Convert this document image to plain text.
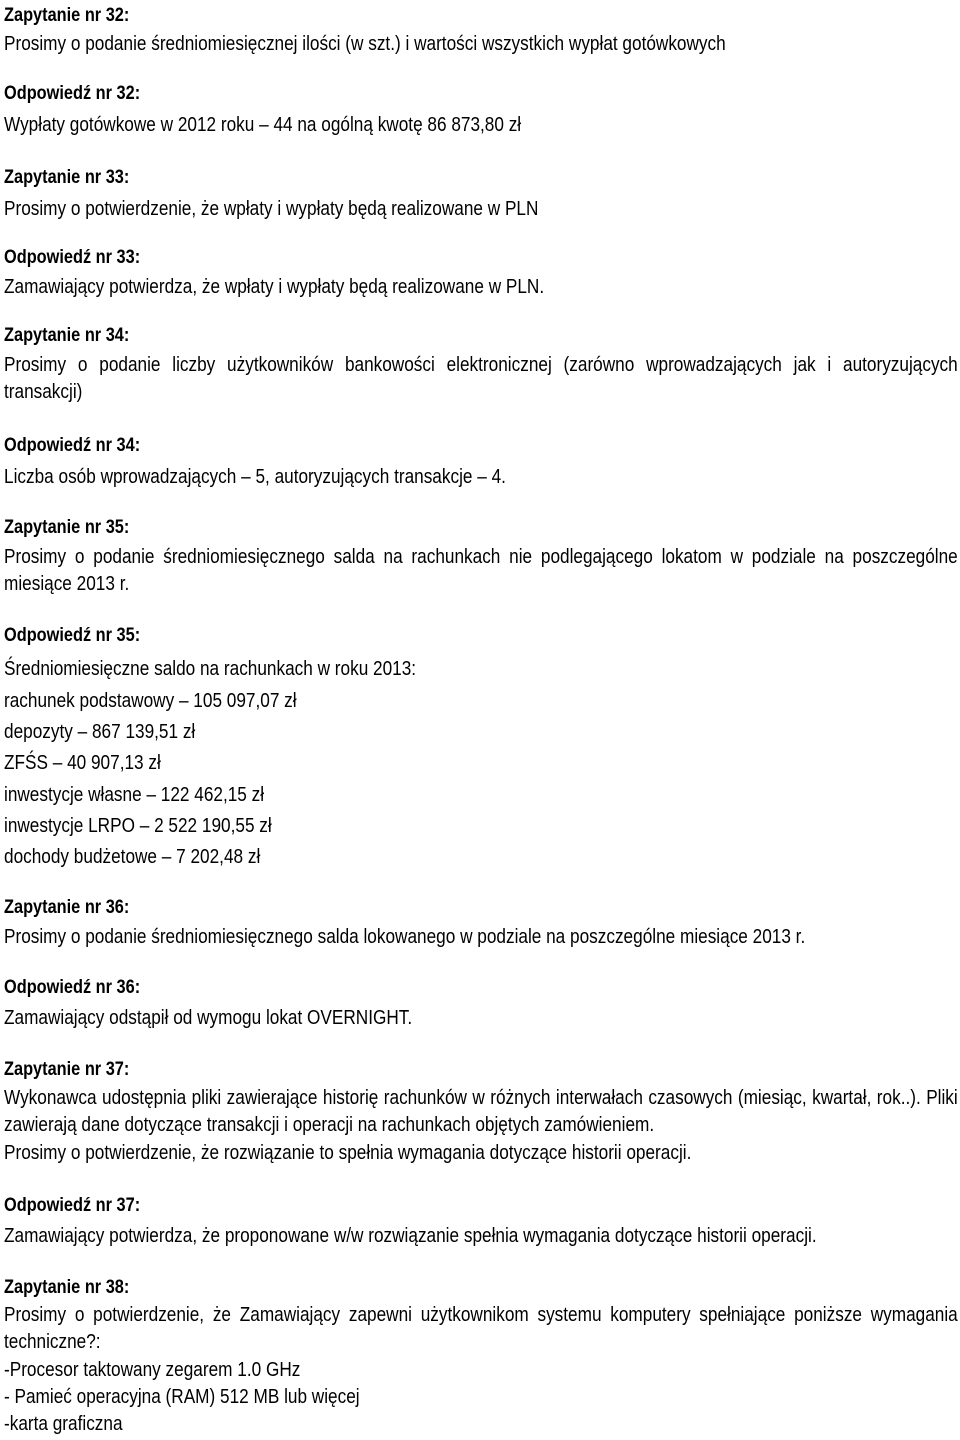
Zapytanie nr 32:
Prosimy o podanie średniomiesięcznej ilości (w szt.) i wartości wszystkich wypłat gotówkowych
Odpowiedź nr 32:
Wypłaty gotówkowe w 2012 roku – 44 na ogólną kwotę 86 873,80 zł
Zapytanie nr 33:
Prosimy o potwierdzenie, że wpłaty i wypłaty będą realizowane w PLN
Odpowiedź nr 33:
Zamawiający potwierdza, że wpłaty i wypłaty będą realizowane w PLN.
Zapytanie nr 34:
Prosimy o podanie liczby użytkowników bankowości elektronicznej (zarówno wprowadzających jak i autoryzujących transakcji)
Odpowiedź nr 34:
Liczba osób wprowadzających – 5, autoryzujących transakcje – 4.
Zapytanie nr 35:
Prosimy o podanie średniomiesięcznego salda na rachunkach nie podlegającego lokatom w podziale na poszczególne miesiące 2013 r.
Odpowiedź nr 35:
Średniomiesięczne saldo na rachunkach w roku 2013:
rachunek podstawowy – 105 097,07 zł
depozyty – 867 139,51 zł
ZFŚS – 40 907,13 zł
inwestycje własne – 122 462,15 zł
inwestycje LRPO – 2 522 190,55 zł
dochody budżetowe – 7 202,48 zł
Zapytanie nr 36:
Prosimy o podanie średniomiesięcznego salda lokowanego w podziale na poszczególne miesiące 2013 r.
Odpowiedź nr 36:
Zamawiający odstąpił od wymogu lokat OVERNIGHT.
Zapytanie nr 37:
Wykonawca udostępnia pliki zawierające historię rachunków w różnych interwałach czasowych (miesiąc, kwartał, rok..). Pliki zawierają dane dotyczące transakcji i operacji na rachunkach objętych zamówieniem.
Prosimy o potwierdzenie, że rozwiązanie to spełnia wymagania dotyczące historii operacji.
Odpowiedź nr 37:
Zamawiający potwierdza, że proponowane w/w rozwiązanie spełnia wymagania dotyczące historii operacji.
Zapytanie nr 38:
Prosimy o potwierdzenie, że Zamawiający zapewni użytkownikom systemu komputery spełniające poniższe wymagania techniczne?:
-Procesor taktowany zegarem 1.0 GHz
- Pamieć operacyjna (RAM) 512 MB lub więcej
-karta graficzna
